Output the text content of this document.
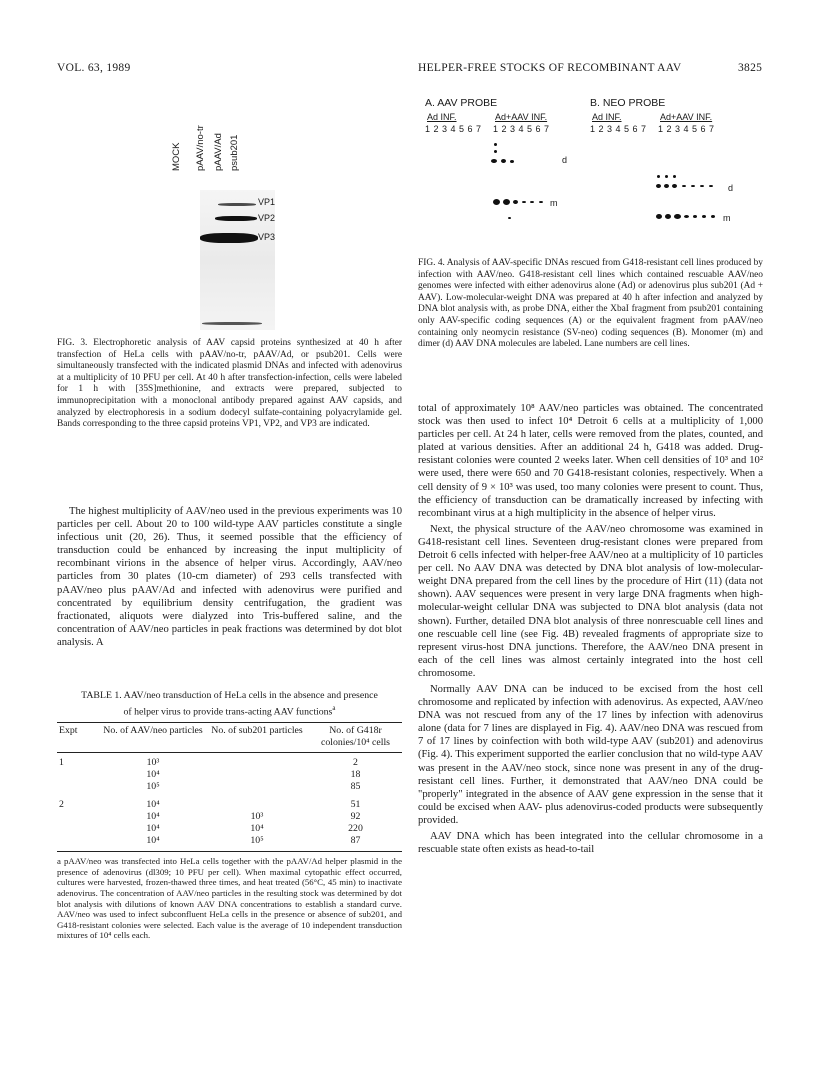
VOL. 63, 1989	HELPER-FREE STOCKS OF RECOMBINANT AAV	3825
MOCK pAAV/no-tr pAAV/Ad psub201
VP1
VP2
VP3

FIG. 3. Electrophoretic analysis of AAV capsid proteins synthesized at 40 h after transfection of HeLa cells with pAAV/no-tr, pAAV/Ad, or psub201. Cells were simultaneously transfected with the indicated plasmid DNAs and infected with adenovirus at a multiplicity of 10 PFU per cell. At 40 h after transfection-infection, cells were labeled for 1 h with [35S]methionine, and extracts were prepared, subjected to immunoprecipitation with a monoclonal antibody prepared against AAV capsids, and analyzed by electrophoresis in a sodium dodecyl sulfate-containing polyacrylamide gel. Bands corresponding to the three capsid proteins VP1, VP2, and VP3 are indicated.

The highest multiplicity of AAV/neo used in the previous experiments was 10 particles per cell. About 20 to 100 wild-type AAV particles constitute a single infectious unit (20, 26). Thus, it seemed possible that the efficiency of transduction could be enhanced by increasing the input multiplicity of recombinant virions in the absence of helper virus. Accordingly, AAV/neo particles from 30 plates (10-cm diameter) of 293 cells transfected with pAAV/neo plus pAAV/Ad and infected with adenovirus were purified and concentrated by equilibrium density centrifugation, the gradient was fractionated, aliquots were dialyzed into Tris-buffered saline, and the concentration of AAV/neo particles in peak fractions was determined by dot blot analysis. A

TABLE 1. AAV/neo transduction of HeLa cells in the absence and presence of helper virus to provide trans-acting AAV functions$^a$
Expt	No. of AAV/neo particles	No. of sub201 particles	No. of G418r colonies/10⁴ cells
1	10³		2
	10⁴		18
	10⁵		85
2	10⁴		51
	10⁴	10³	92
	10⁴	10⁴	220
	10⁴	10⁵	87
a pAAV/neo was transfected into HeLa cells together with the pAAV/Ad helper plasmid in the presence of adenovirus (dl309; 10 PFU per cell). When maximal cytopathic effect occurred, cultures were harvested, frozen-thawed three times, and heat treated (56°C, 45 min) to inactivate adenovirus. The concentration of AAV/neo particles in the resulting stock was determined by dot blot analysis with dilutions of known AAV DNA concentrations to establish a standard curve. AAV/neo was used to infect subconfluent HeLa cells in the presence or absence of sub201, and G418-resistant colonies were selected. Each value is the average of 10 independent transduction mixtures of 10⁴ cells each.
A. AAV PROBE	B. NEO PROBE
Ad INF.	Ad+AAV INF.	Ad INF.	Ad+AAV INF.
1 2 3 4 5 6 7 1 2 3 4 5 6 7	1 2 3 4 5 6 7 1 2 3 4 5 6 7
d
m
d
m

FIG. 4. Analysis of AAV-specific DNAs rescued from G418-resistant cell lines produced by infection with AAV/neo. G418-resistant cell lines which contained rescuable AAV/neo genomes were infected with either adenovirus alone (Ad) or adenovirus plus sub201 (Ad + AAV). Low-molecular-weight DNA was prepared at 40 h after infection and analyzed by DNA blot analysis with, as probe DNA, either the XbaI fragment from psub201 containing only AAV-specific coding sequences (A) or the equivalent fragment from pAAV/neo containing only neomycin resistance (SV-neo) coding sequences (B). Monomer (m) and dimer (d) AAV DNA molecules are labeled. Lane numbers are cell lines.

total of approximately 10⁸ AAV/neo particles was obtained. The concentrated stock was then used to infect 10⁴ Detroit 6 cells at a multiplicity of 1,000 particles per cell. At 24 h later, cells were removed from the plates, counted, and plated at various densities. After an additional 24 h, G418 was added. Drug-resistant colonies were counted 2 weeks later. When cell densities of 10³ and 10² were used, there were 650 and 70 G418-resistant colonies, respectively. When a cell density of 9 × 10³ was used, too many colonies were present to count. Thus, the efficiency of transduction can be dramatically increased by infecting with recombinant virus at a high multiplicity in the absence of helper virus.

Next, the physical structure of the AAV/neo chromosome was examined in G418-resistant cell lines. Seventeen drug-resistant clones were prepared from Detroit 6 cells infected with helper-free AAV/neo at a multiplicity of 10 particles per cell. No AAV DNA was detected by DNA blot analysis of low-molecular-weight DNA prepared from the cell lines by the procedure of Hirt (11) (data not shown). AAV sequences were present in very large DNA fragments when high-molecular-weight cellular DNA was subjected to DNA blot analysis (data not shown). Further, detailed DNA blot analysis of three nonrescuable cell lines and one rescuable cell line (see Fig. 4B) revealed fragments of appropriate size to represent virus-host DNA junctions. Therefore, the AAV/neo DNA present in each of the cell lines was almost certainly integrated into the host cell chromosome.

Normally AAV DNA can be induced to be excised from the host cell chromosome and replicated by infection with adenovirus. As expected, AAV/neo DNA was not rescued from any of the 17 lines by infection with adenovirus alone (data for 7 lines are displayed in Fig. 4). AAV/neo DNA was rescued from 7 of 17 lines by coinfection with both wild-type AAV (sub201) and adenovirus (Fig. 4). This experiment supported the earlier conclusion that no wild-type AAV was present in the AAV/neo stock, since none was present in any of the drug-resistant cell lines. Further, it demonstrated that AAV/neo DNA could be "properly" integrated in the absence of AAV gene expression in the sense that it could be excised when AAV- plus adenovirus-coded products were subsequently provided.

AAV DNA which has been integrated into the cellular chromosome in a rescuable state often exists as head-to-tail
